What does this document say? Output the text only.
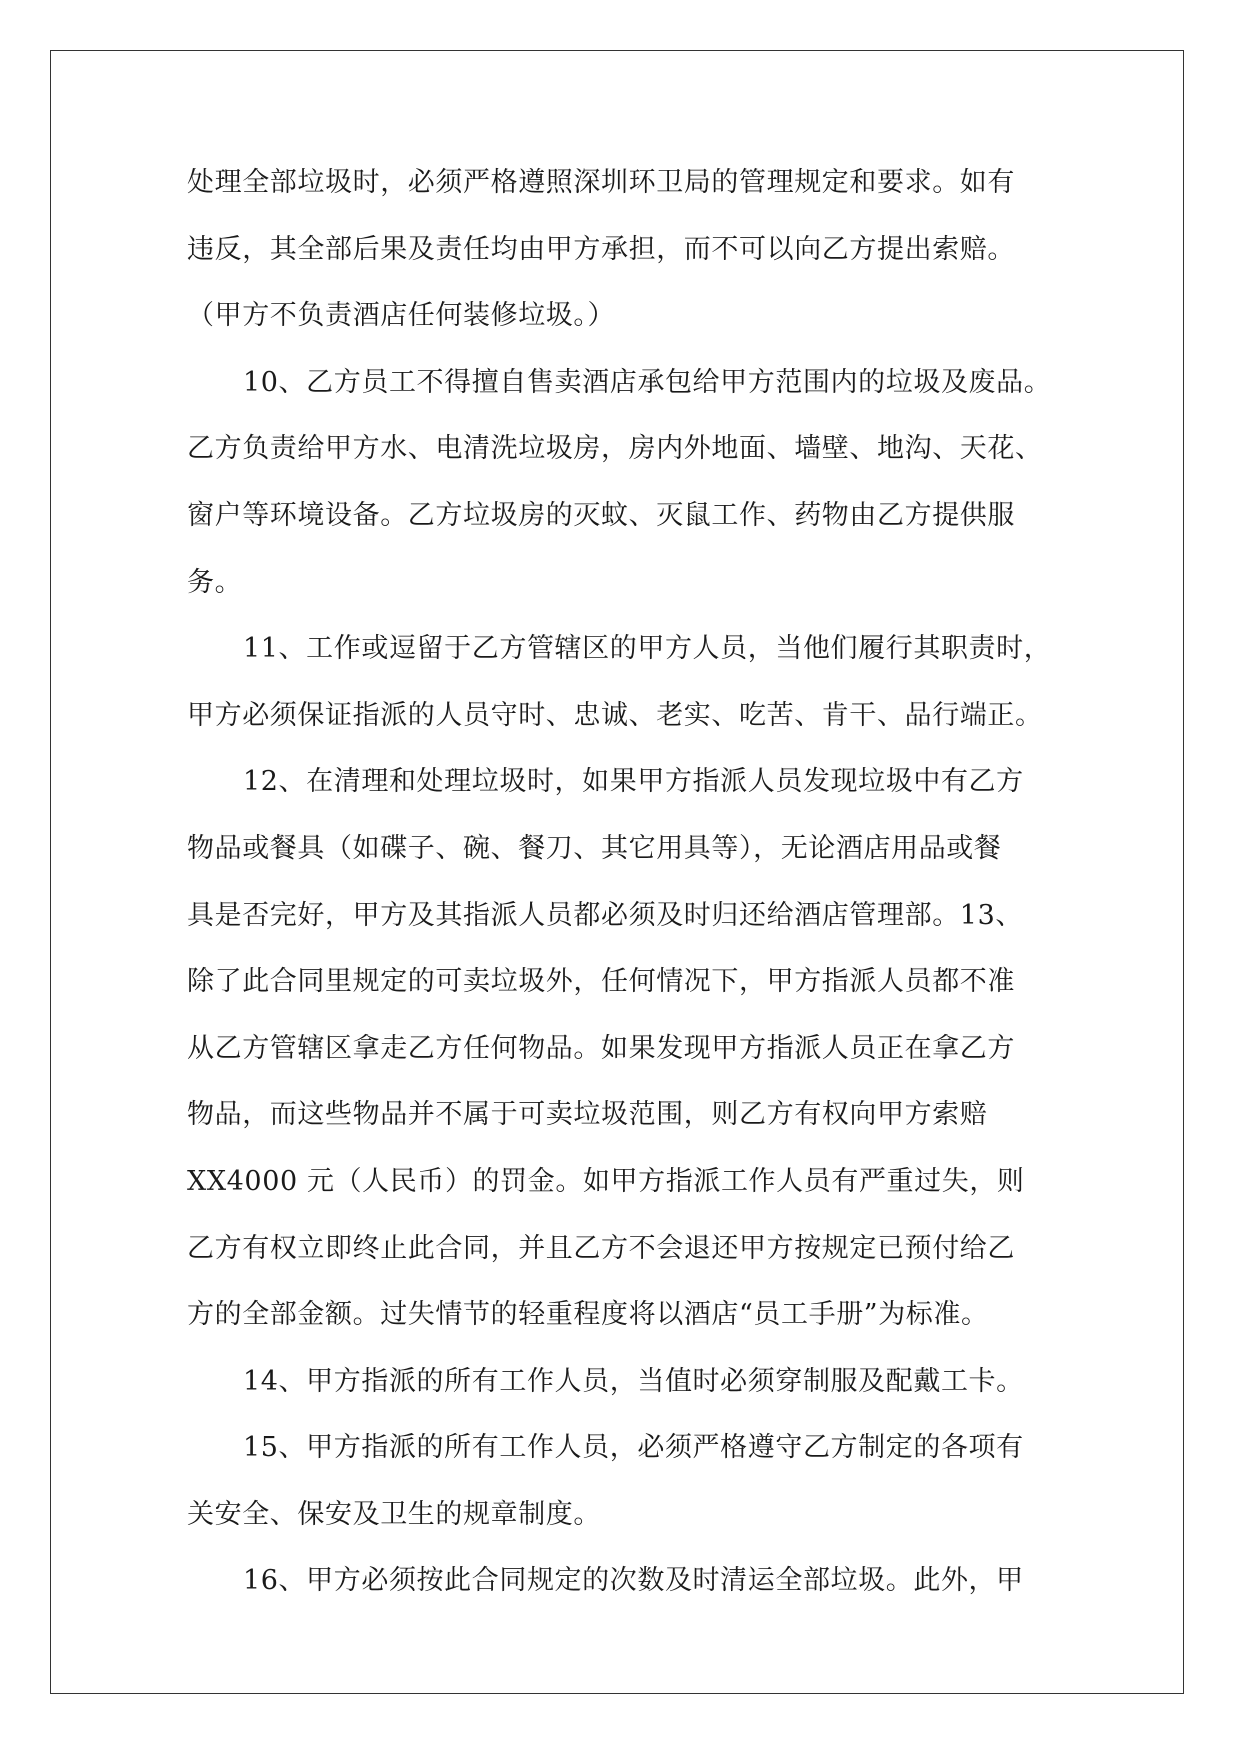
处理全部垃圾时，必须严格遵照深圳环卫局的管理规定和要求。如有
违反，其全部后果及责任均由甲方承担，而不可以向乙方提出索赔。
（甲方不负责酒店任何装修垃圾。）
10、乙方员工不得擅自售卖酒店承包给甲方范围内的垃圾及废品。
乙方负责给甲方水、电清洗垃圾房，房内外地面、墙壁、地沟、天花、
窗户等环境设备。乙方垃圾房的灭蚊、灭鼠工作、药物由乙方提供服
务。
11、工作或逗留于乙方管辖区的甲方人员，当他们履行其职责时，
甲方必须保证指派的人员守时、忠诚、老实、吃苦、肯干、品行端正。
12、在清理和处理垃圾时，如果甲方指派人员发现垃圾中有乙方
物品或餐具（如碟子、碗、餐刀、其它用具等），无论酒店用品或餐
具是否完好，甲方及其指派人员都必须及时归还给酒店管理部。13、
除了此合同里规定的可卖垃圾外，任何情况下，甲方指派人员都不准
从乙方管辖区拿走乙方任何物品。如果发现甲方指派人员正在拿乙方
物品，而这些物品并不属于可卖垃圾范围，则乙方有权向甲方索赔
XX4000 元（人民币）的罚金。如甲方指派工作人员有严重过失，则
乙方有权立即终止此合同，并且乙方不会退还甲方按规定已预付给乙
方的全部金额。过失情节的轻重程度将以酒店“员工手册”为标准。
14、甲方指派的所有工作人员，当值时必须穿制服及配戴工卡。
15、甲方指派的所有工作人员，必须严格遵守乙方制定的各项有
关安全、保安及卫生的规章制度。
16、甲方必须按此合同规定的次数及时清运全部垃圾。此外，甲
